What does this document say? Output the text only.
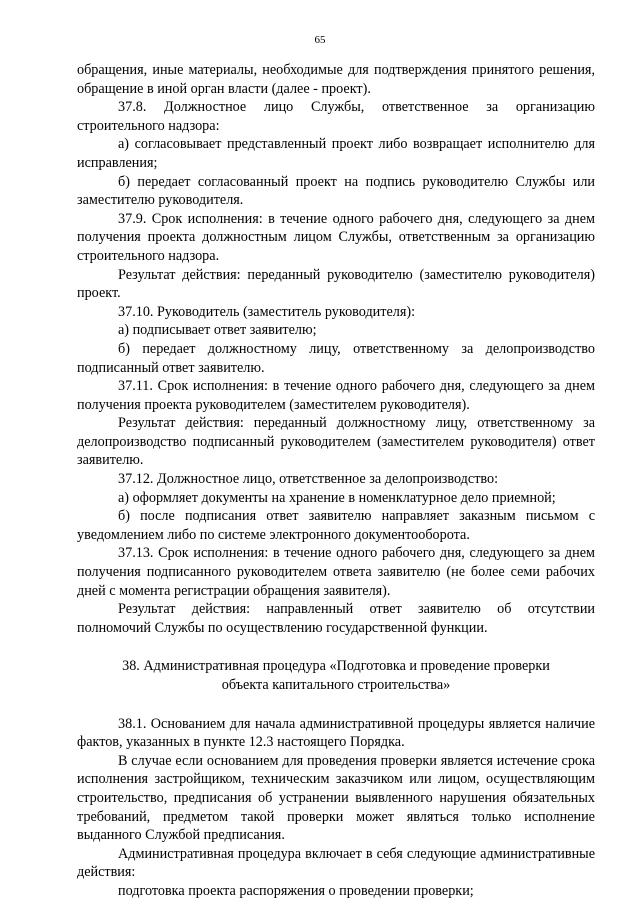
65

обращения, иные материалы, необходимые для подтверждения принятого решения, обращение в иной орган власти (далее - проект).

37.8. Должностное лицо Службы, ответственное за организацию строительного надзора:

а) согласовывает представленный проект либо возвращает исполнителю для исправления;

б) передает согласованный проект на подпись руководителю Службы или заместителю руководителя.

37.9. Срок исполнения: в течение одного рабочего дня, следующего за днем получения проекта должностным лицом Службы, ответственным за организацию строительного надзора.

Результат действия: переданный руководителю (заместителю руководителя) проект.

37.10. Руководитель (заместитель руководителя):

а) подписывает ответ заявителю;

б) передает должностному лицу, ответственному за делопроизводство подписанный ответ заявителю.

37.11. Срок исполнения: в течение одного рабочего дня, следующего за днем получения проекта руководителем (заместителем руководителя).

Результат действия: переданный должностному лицу, ответственному за делопроизводство подписанный руководителем (заместителем руководителя) ответ заявителю.

37.12. Должностное лицо, ответственное за делопроизводство:

а) оформляет документы на хранение в номенклатурное дело приемной;

б) после подписания ответ заявителю направляет заказным письмом с уведомлением либо по системе электронного документооборота.

37.13. Срок исполнения: в течение одного рабочего дня, следующего за днем получения подписанного руководителем ответа заявителю (не более семи рабочих дней с момента регистрации обращения заявителя).

Результат действия: направленный ответ заявителю об отсутствии полномочий Службы по осуществлению государственной функции.

38. Административная процедура «Подготовка и проведение проверки объекта капитального строительства»

38.1. Основанием для начала административной процедуры является наличие фактов, указанных в пункте 12.3 настоящего Порядка.

В случае если основанием для проведения проверки является истечение срока исполнения застройщиком, техническим заказчиком или лицом, осуществляющим строительство, предписания об устранении выявленного нарушения обязательных требований, предметом такой проверки может являться только исполнение выданного Службой предписания.

Административная процедура включает в себя следующие административные действия:

подготовка проекта распоряжения о проведении проверки;
